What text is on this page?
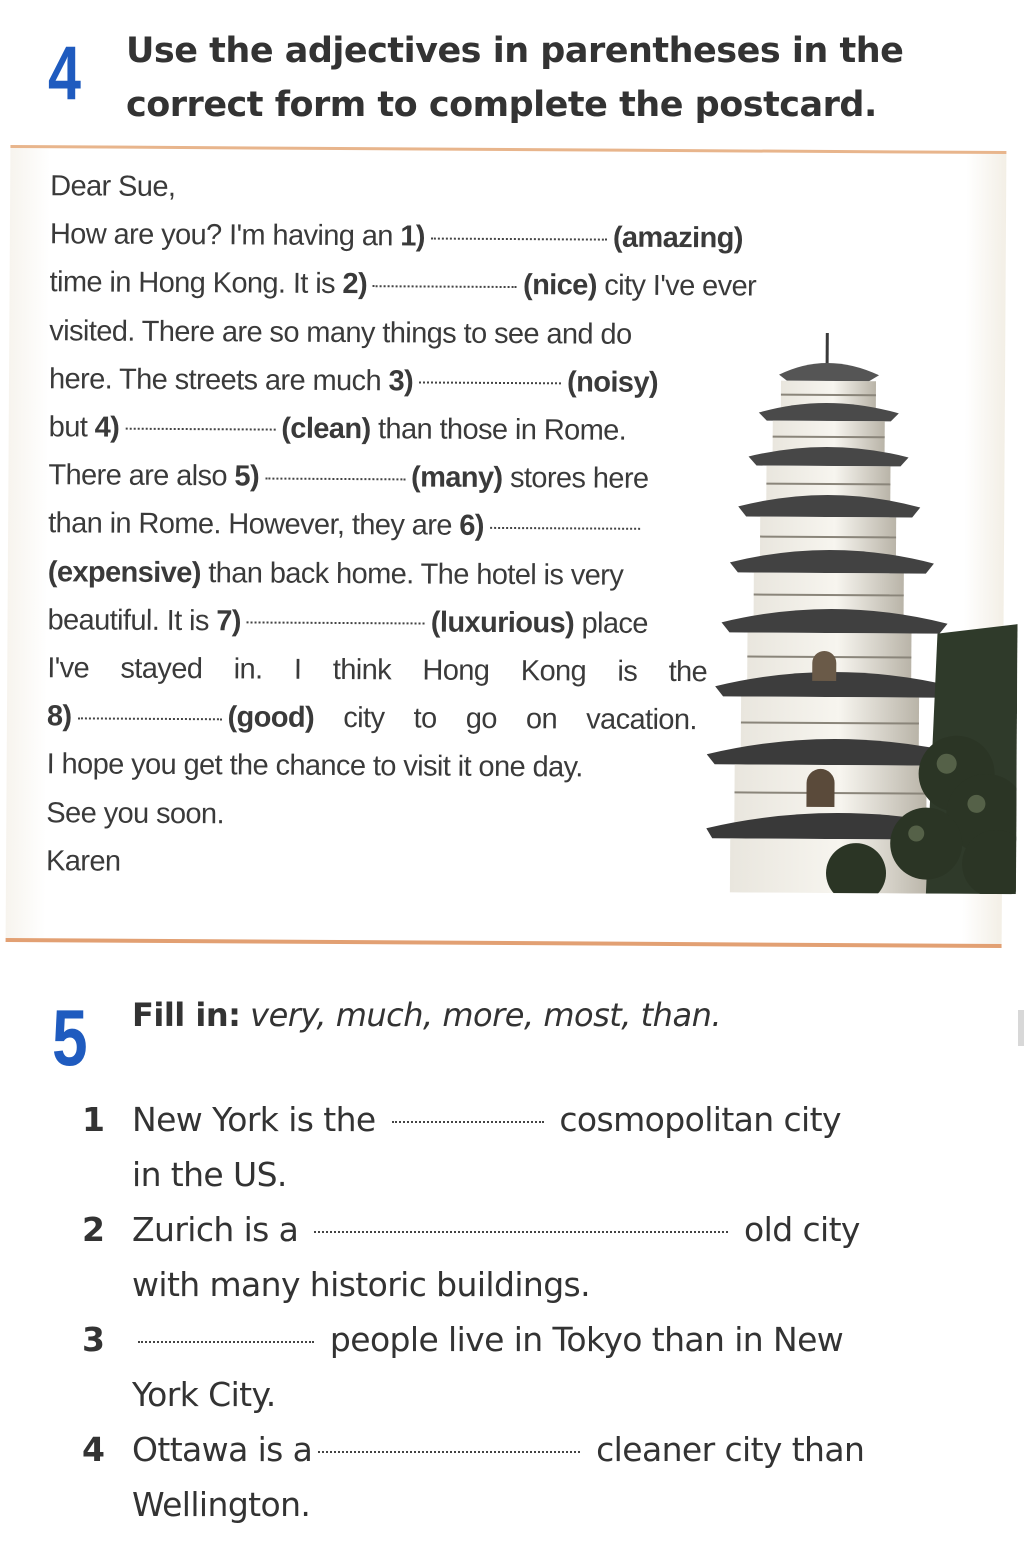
4 Use the adjectives in parentheses in the
correct form to complete the postcard.
Dear Sue,
How are you? I'm having an 1)	(amazing)
time in Hong Kong. It is 2)	(nice) city I've ever
visited. There are so many things to see and do
here. The streets are much 3)	(noisy)
but 4)	(clean) than those in Rome.
There are also 5)	(many) stores here
than in Rome. However, they are 6)
(expensive) than back home. The hotel is very
beautiful. It is 7)	(luxurious) place
I've stayed in. I think Hong Kong is the
8)	(good) city to go on vacation.
I hope you get the chance to visit it one day.
See you soon.
Karen
5 Fill in: very, much, more, most, than.
1 New York is the	cosmopolitan city
in the US.
2 Zurich is a	old city
with many historic buildings.
3	people live in Tokyo than in New
York City.
4 Ottawa is a	cleaner city than
Wellington.
